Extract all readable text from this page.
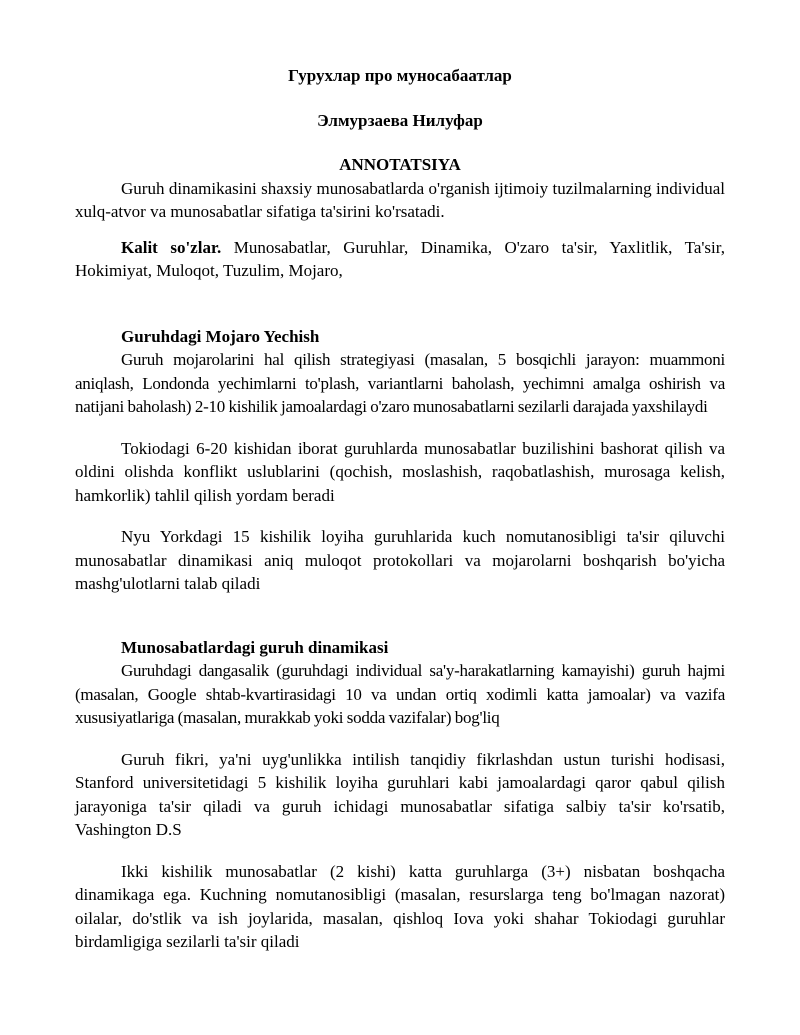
Гурухлар про муносабаатлар

Элмурзаева Нилуфар

ANNOTATSIYA

Guruh dinamikasini shaxsiy munosabatlarda o'rganish ijtimoiy tuzilmalarning individual xulq-atvor va munosabatlar sifatiga ta'sirini ko'rsatadi.

Kalit so'zlar. Munosabatlar, Guruhlar, Dinamika, O'zaro ta'sir, Yaxlitlik, Ta'sir, Hokimiyat, Muloqot, Tuzulim, Mojaro,

Guruhdagi Mojaro Yechish

Guruh mojarolarini hal qilish strategiyasi (masalan, 5 bosqichli jarayon: muammoni aniqlash, Londonda yechimlarni to'plash, variantlarni baholash, yechimni amalga oshirish va natijani baholash) 2-10 kishilik jamoalardagi o'zaro munosabatlarni sezilarli darajada yaxshilaydi

Tokiodagi 6-20 kishidan iborat guruhlarda munosabatlar buzilishini bashorat qilish va oldini olishda konflikt uslublarini (qochish, moslashish, raqobatlashish, murosaga kelish, hamkorlik) tahlil qilish yordam beradi

Nyu Yorkdagi 15 kishilik loyiha guruhlarida kuch nomutanosibligi ta'sir qiluvchi munosabatlar dinamikasi aniq muloqot protokollari va mojarolarni boshqarish bo'yicha mashg'ulotlarni talab qiladi

Munosabatlardagi guruh dinamikasi

Guruhdagi dangasalik (guruhdagi individual sa'y-harakatlarning kamayishi) guruh hajmi (masalan, Google shtab-kvartirasidagi 10 va undan ortiq xodimli katta jamoalar) va vazifa xususiyatlariga (masalan, murakkab yoki sodda vazifalar) bog'liq

Guruh fikri, ya'ni uyg'unlikka intilish tanqidiy fikrlashdan ustun turishi hodisasi, Stanford universitetidagi 5 kishilik loyiha guruhlari kabi jamoalardagi qaror qabul qilish jarayoniga ta'sir qiladi va guruh ichidagi munosabatlar sifatiga salbiy ta'sir ko'rsatib, Vashington D.S

Ikki kishilik munosabatlar (2 kishi) katta guruhlarga (3+) nisbatan boshqacha dinamikaga ega. Kuchning nomutanosibligi (masalan, resurslarga teng bo'lmagan nazorat) oilalar, do'stlik va ish joylarida, masalan, qishloq Iova yoki shahar Tokiodagi guruhlar birdamligiga sezilarli ta'sir qiladi
